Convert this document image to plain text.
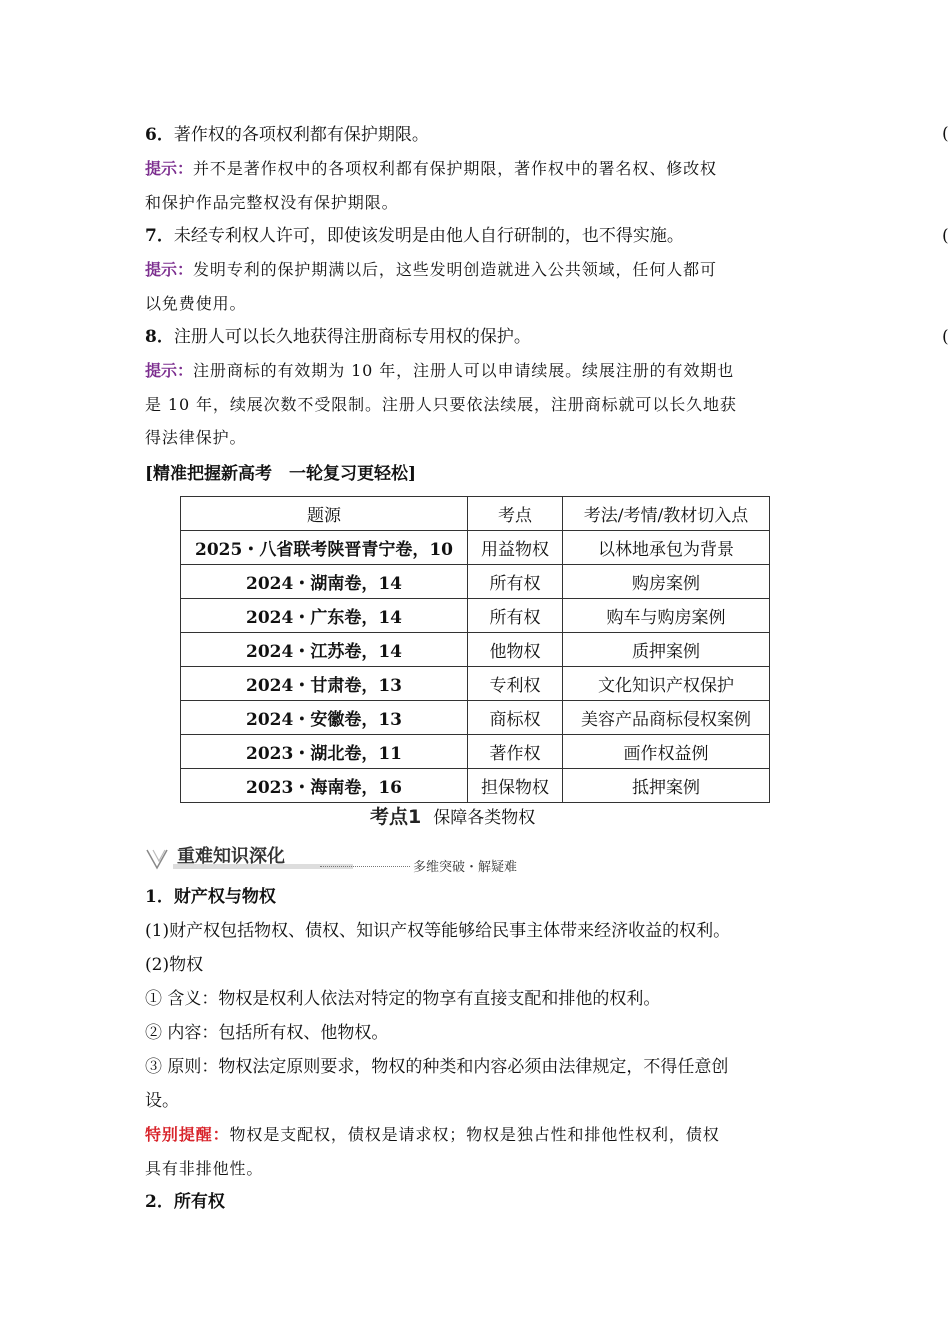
6．著作权的各项权利都有保护期限。

提示：并不是著作权中的各项权利都有保护期限，著作权中的署名权、修改权

和保护作品完整权没有保护期限。

7．未经专利权人许可，即使该发明是由他人自行研制的，也不得实施。

提示：发明专利的保护期满以后，这些发明创造就进入公共领域，任何人都可

以免费使用。

8．注册人可以长久地获得注册商标专用权的保护。

提示：注册商标的有效期为 10 年，注册人可以申请续展。续展注册的有效期也

是 10 年，续展次数不受限制。注册人只要依法续展，注册商标就可以长久地获

得法律保护。

[精准把握新高考　一轮复习更轻松]

(
(
(
题源	考点	考法/考情/教材切入点
2025・八省联考陕晋青宁卷，10	用益物权	以林地承包为背景
2024・湖南卷，14	所有权	购房案例
2024・广东卷，14	所有权	购车与购房案例
2024・江苏卷，14	他物权	质押案例
2024・甘肃卷，13	专利权	文化知识产权保护
2024・安徽卷，13	商标权	美容产品商标侵权案例
2023・湖北卷，11	著作权	画作权益例
2023・海南卷，16	担保物权	抵押案例
考点1 保障各类物权
重难知识深化
多维突破・解疑难

1．财产权与物权

(1)财产权包括物权、债权、知识产权等能够给民事主体带来经济收益的权利。

(2)物权

① 含义：物权是权利人依法对特定的物享有直接支配和排他的权利。

② 内容：包括所有权、他物权。

③ 原则：物权法定原则要求，物权的种类和内容必须由法律规定，不得任意创

设。

特别提醒：物权是支配权，债权是请求权；物权是独占性和排他性权利，债权

具有非排他性。

2．所有权
